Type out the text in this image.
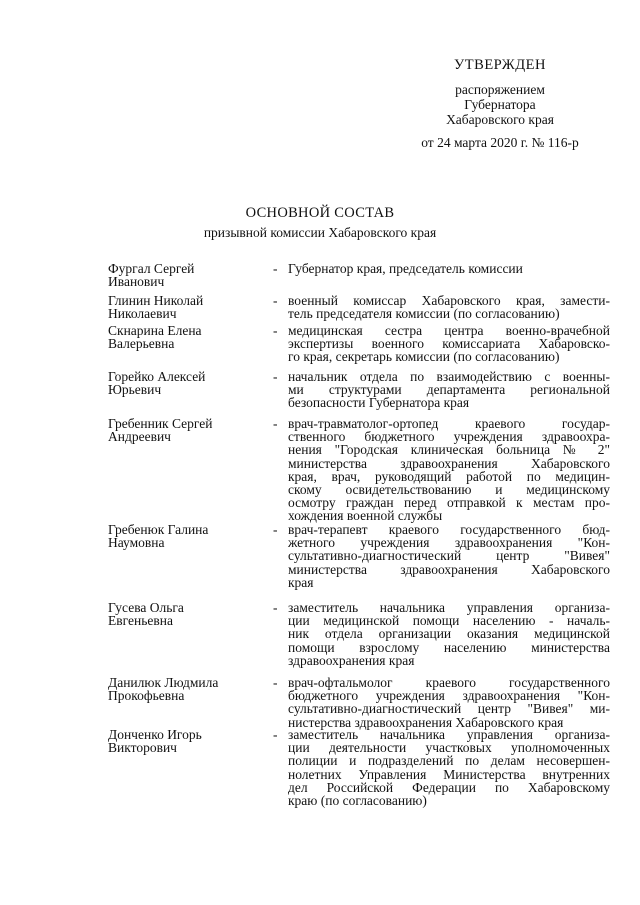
УТВЕРЖДЕН
распоряжением
Губернатора
Хабаровского края
от 24 марта 2020 г. № 116-р
ОСНОВНОЙ СОСТАВ
призывной комиссии Хабаровского края
Фургал Сергей
Иванович
- Губернатор края, председатель комиссии
Глинин Николай
Николаевич
- военный комиссар Хабаровского края, замести-
тель председателя комиссии (по согласованию)
Скнарина Елена
Валерьевна
- медицинская сестра центра военно-врачебной
экспертизы военного комиссариата Хабаровско-
го края, секретарь комиссии (по согласованию)
Горейко Алексей
Юрьевич
- начальник отдела по взаимодействию с военны-
ми структурами департамента региональной
безопасности Губернатора края
Гребенник Сергей
Андреевич
- врач-травматолог-ортопед краевого государ-
ственного бюджетного учреждения здравоохра-
нения "Городская клиническая больница № 2"
министерства здравоохранения Хабаровского
края, врач, руководящий работой по медицин-
скому освидетельствованию и медицинскому
осмотру граждан перед отправкой к местам про-
хождения военной службы
Гребенюк Галина
Наумовна
- врач-терапевт краевого государственного бюд-
жетного учреждения здравоохранения "Кон-
сультативно-диагностический центр "Вивея"
министерства здравоохранения Хабаровского
края
Гусева Ольга
Евгеньевна
- заместитель начальника управления организа-
ции медицинской помощи населению - началь-
ник отдела организации оказания медицинской
помощи взрослому населению министерства
здравоохранения края
Данилюк Людмила
Прокофьевна
- врач-офтальмолог краевого государственного
бюджетного учреждения здравоохранения "Кон-
сультативно-диагностический центр "Вивея" ми-
нистерства здравоохранения Хабаровского края
Донченко Игорь
Викторович
- заместитель начальника управления организа-
ции деятельности участковых уполномоченных
полиции и подразделений по делам несовершен-
нолетних Управления Министерства внутренних
дел Российской Федерации по Хабаровскому
краю (по согласованию)
